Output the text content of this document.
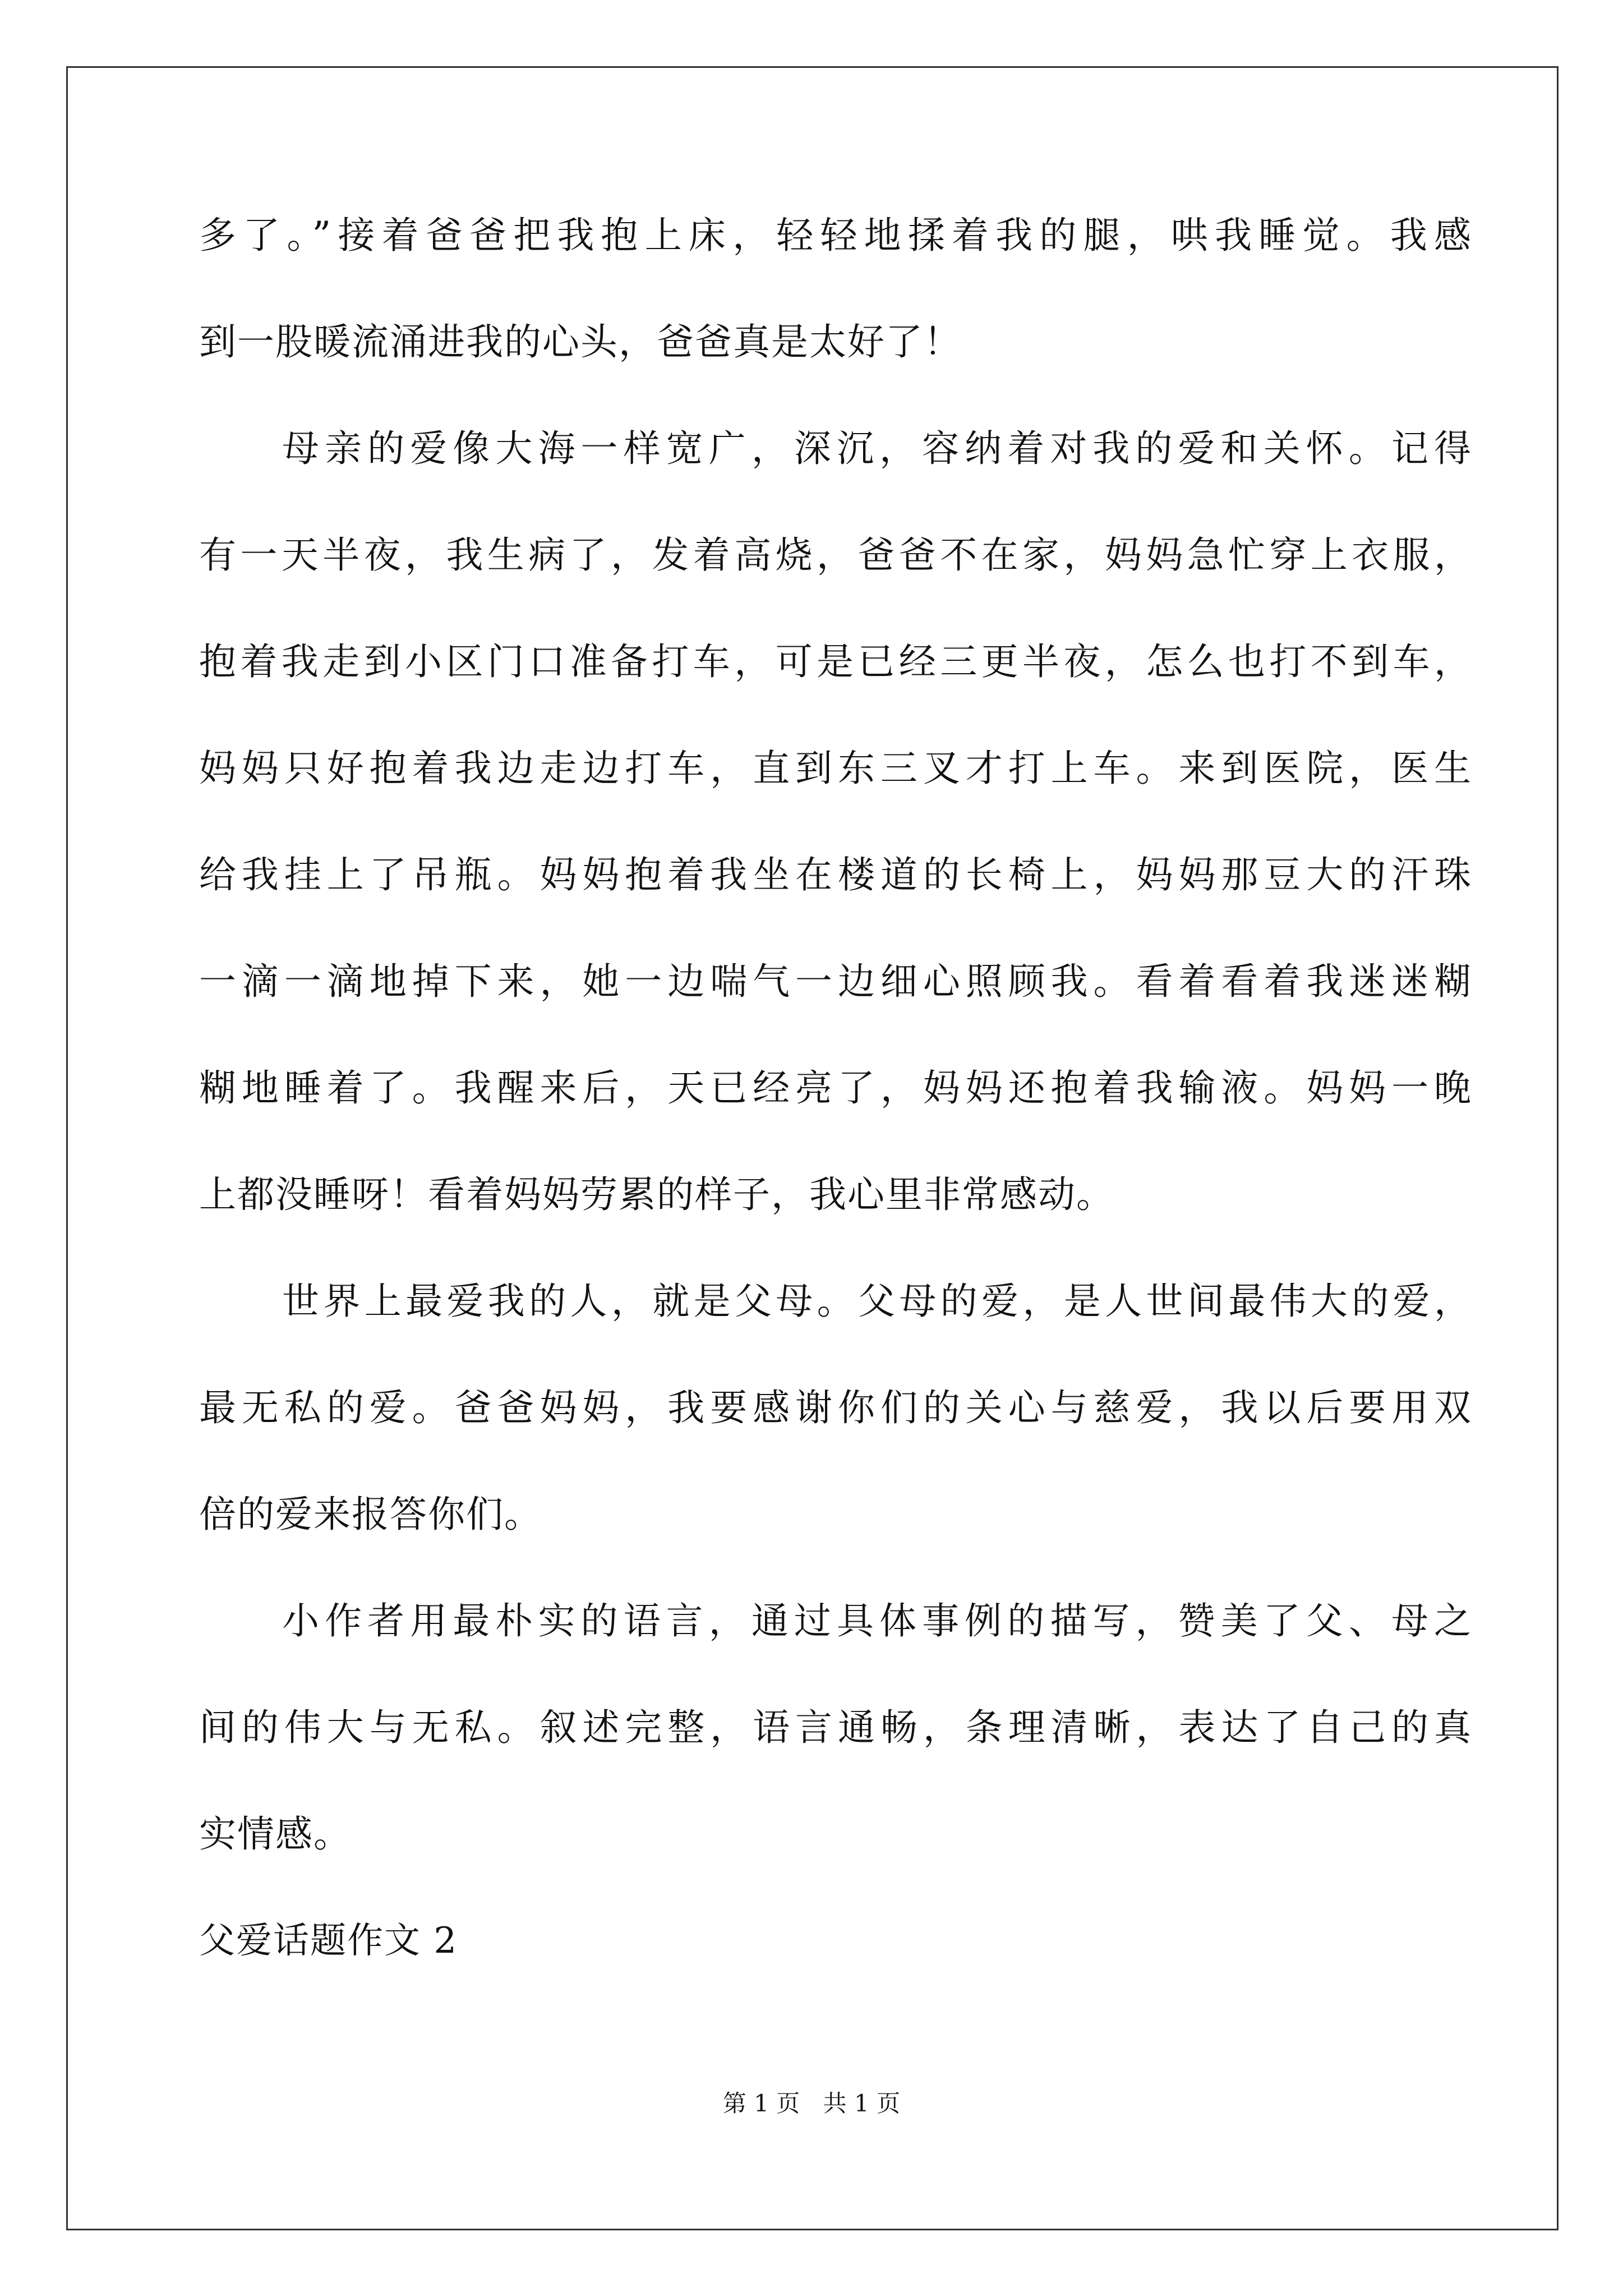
多了。”接着爸爸把我抱上床，轻轻地揉着我的腿，哄我睡觉。我感
到一股暖流涌进我的心头，爸爸真是太好了！
母亲的爱像大海一样宽广，深沉，容纳着对我的爱和关怀。记得
有一天半夜，我生病了，发着高烧，爸爸不在家，妈妈急忙穿上衣服，
抱着我走到小区门口准备打车，可是已经三更半夜，怎么也打不到车，
妈妈只好抱着我边走边打车，直到东三叉才打上车。来到医院，医生
给我挂上了吊瓶。妈妈抱着我坐在楼道的长椅上，妈妈那豆大的汗珠
一滴一滴地掉下来，她一边喘气一边细心照顾我。看着看着我迷迷糊
糊地睡着了。我醒来后，天已经亮了，妈妈还抱着我输液。妈妈一晚
上都没睡呀！看着妈妈劳累的样子，我心里非常感动。
世界上最爱我的人，就是父母。父母的爱，是人世间最伟大的爱，
最无私的爱。爸爸妈妈，我要感谢你们的关心与慈爱，我以后要用双
倍的爱来报答你们。
小作者用最朴实的语言，通过具体事例的描写，赞美了父、母之
间的伟大与无私。叙述完整，语言通畅，条理清晰，表达了自己的真
实情感。
父爱话题作文 2
第 1 页 共 1 页
